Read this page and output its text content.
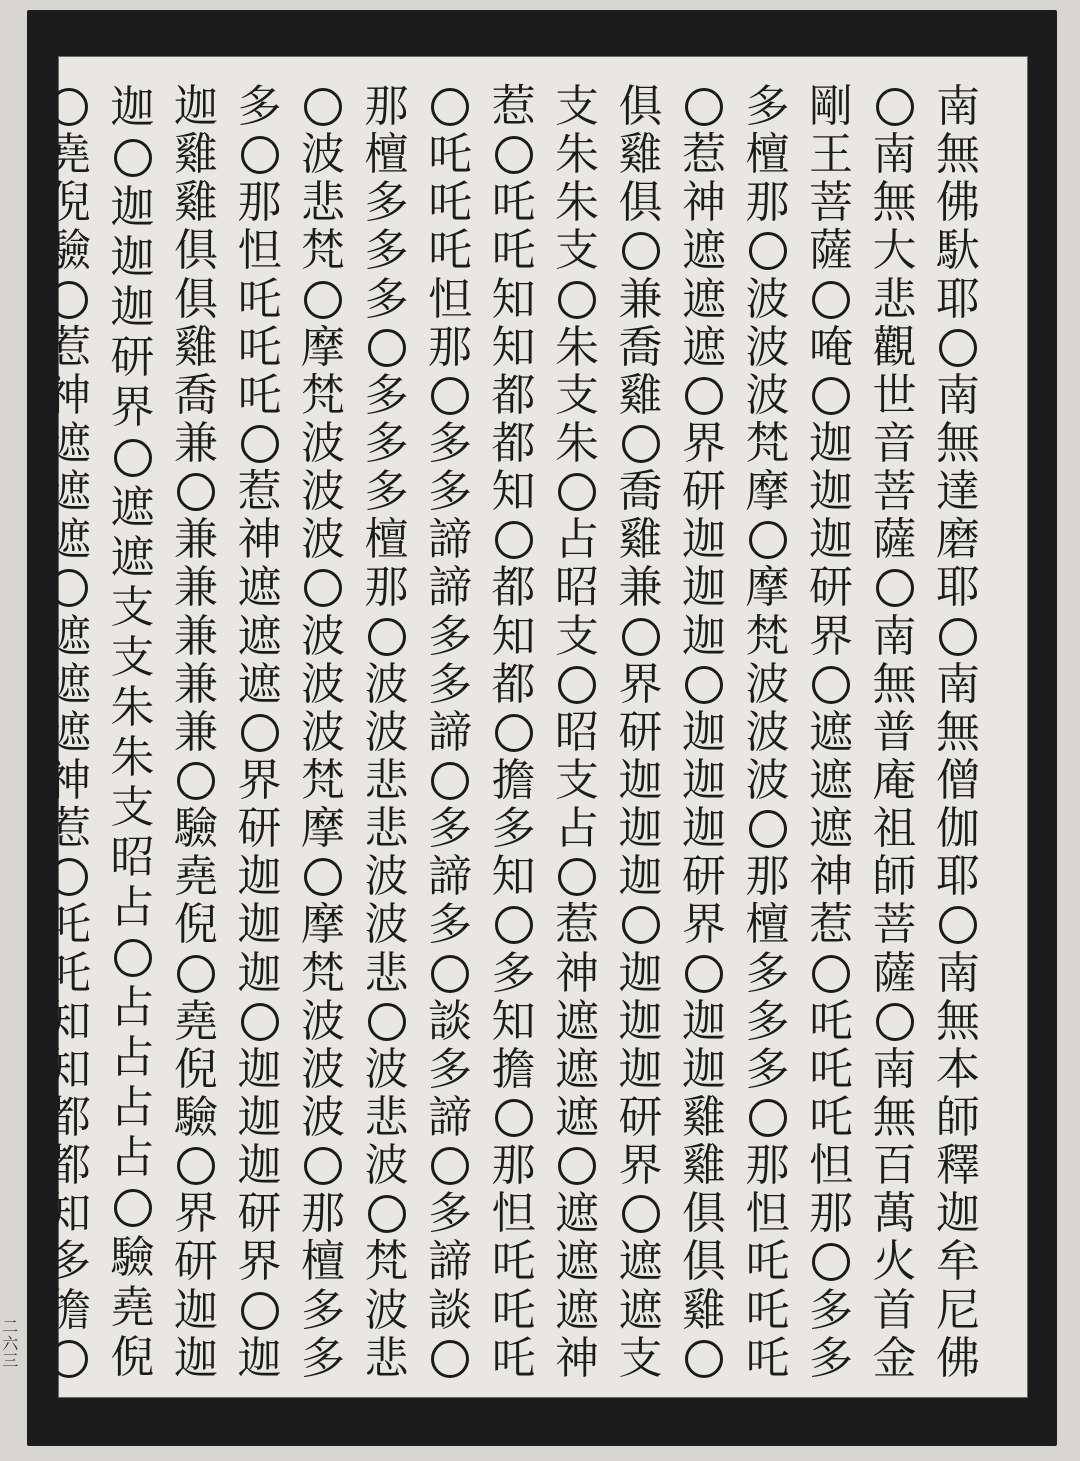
南
無
佛
馱
耶
南
無
達
磨
耶
南
無
僧
伽
耶
南
無
本
師
釋
迦
牟
尼
佛
南
無
大
悲
觀
世
音
菩
薩
南
無
普
庵
祖
師
菩
薩
南
無
百
萬
火
首
金
剛
王
菩
薩
唵
迦
迦
迦
研
界
遮
遮
遮
神
惹
吒
吒
吒
怛
那
多
多
多
檀
那
波
波
波
梵
摩
摩
梵
波
波
波
那
檀
多
多
多
那
怛
吒
吒
吒
惹
神
遮
遮
遮
界
研
迦
迦
迦
迦
迦
迦
研
界
迦
迦
雞
雞
俱
俱
雞
俱
雞
俱
兼
喬
雞
喬
雞
兼
界
研
迦
迦
迦
迦
迦
迦
研
界
遮
遮
支
支
朱
朱
支
朱
支
朱
占
昭
支
昭
支
占
惹
神
遮
遮
遮
遮
遮
遮
神
惹
吒
吒
知
知
都
都
知
都
知
都
擔
多
知
多
知
擔
那
怛
吒
吒
吒
吒
吒
吒
怛
那
多
多
諦
諦
多
多
諦
多
諦
多
談
多
諦
多
諦
談
那
檀
多
多
多
多
多
多
檀
那
波
波
悲
悲
波
波
悲
波
悲
波
梵
波
悲
波
悲
梵
摩
梵
波
波
波
波
波
波
梵
摩
摩
梵
波
波
波
那
檀
多
多
多
那
怛
吒
吒
吒
惹
神
遮
遮
遮
界
研
迦
迦
迦
迦
迦
迦
研
界
迦
迦
雞
雞
俱
俱
雞
喬
兼
兼
兼
兼
兼
兼
驗
堯
倪
堯
倪
驗
界
研
迦
迦
迦
迦
迦
迦
研
界
遮
遮
支
支
朱
朱
支
昭
占
占
占
占
占
驗
堯
倪
堯
倪
驗
惹
神
遮
遮
遮
遮
遮
遮
神
惹
吒
吒
知
知
都
都
知
多
擔
二六三
